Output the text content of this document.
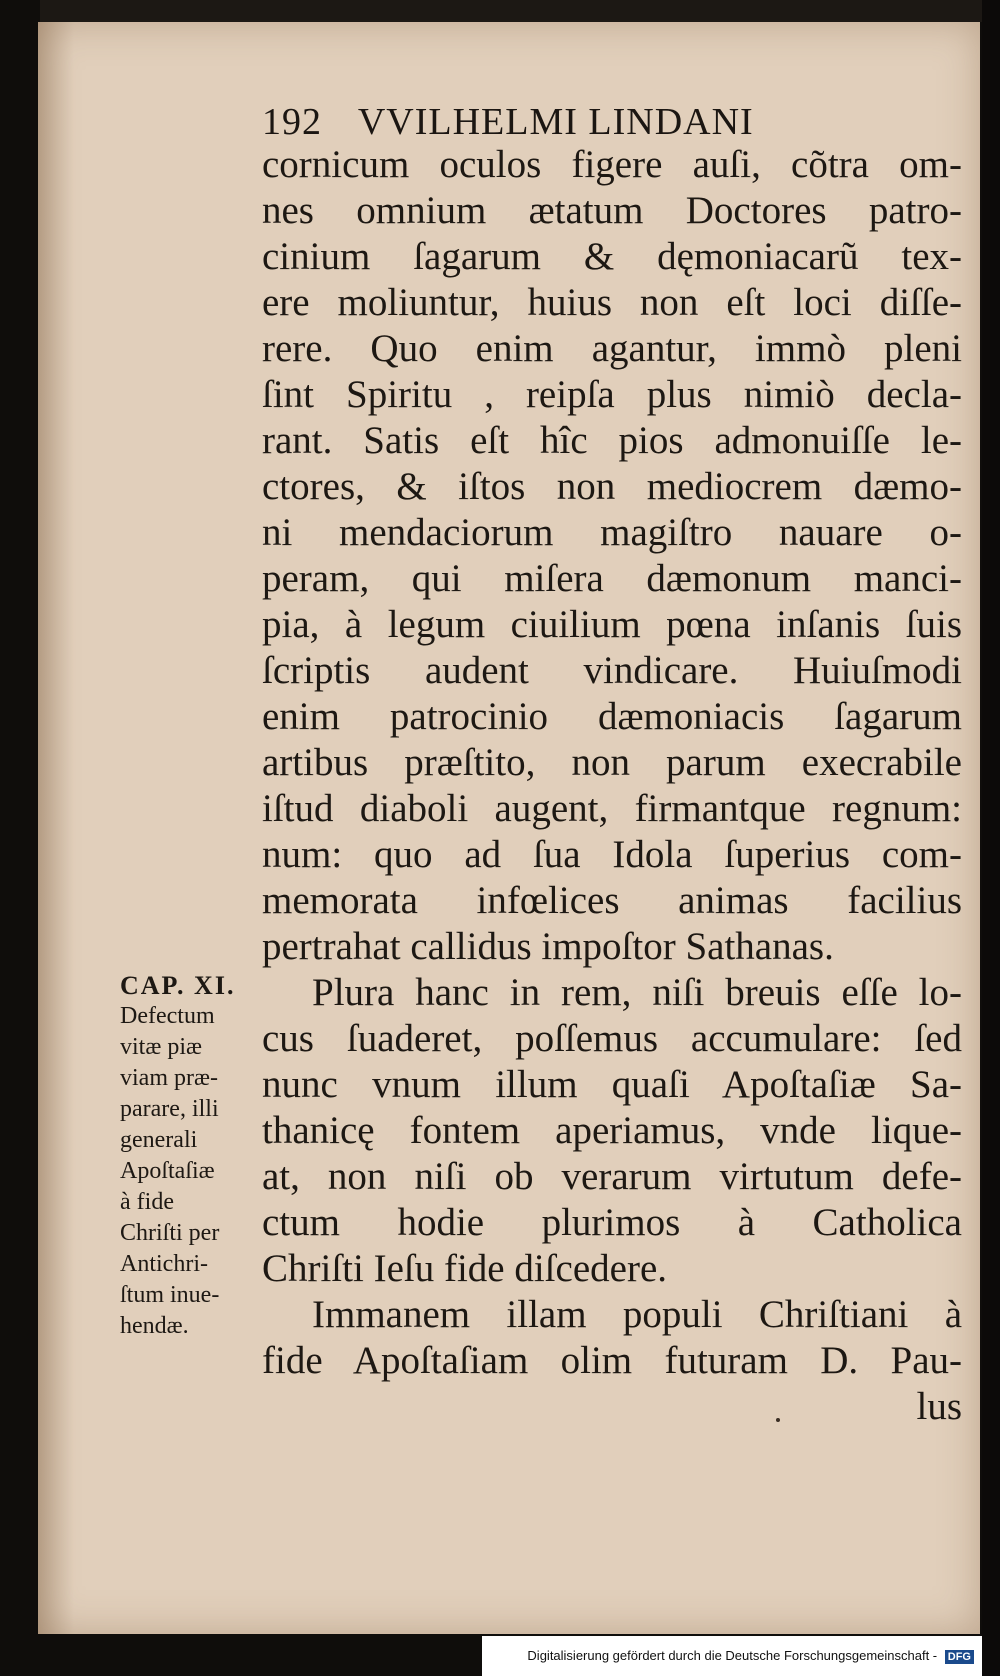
192 VVILHELMI LINDANI
cornicum oculos figere auſi, cõtra om-
nes omnium ætatum Doctores patro-
cinium ſagarum & dęmoniacarũ tex-
ere moliuntur, huius non eſt loci diſſe-
rere. Quo enim agantur, immò pleni
ſint Spiritu , reipſa plus nimiò decla-
rant. Satis eſt hîc pios admonuiſſe le-
ctores, & iſtos non mediocrem dæmo-
ni mendaciorum magiſtro nauare o-
peram, qui miſera dæmonum manci-
pia, à legum ciuilium pœna inſanis ſuis
ſcriptis audent vindicare. Huiuſmodi
enim patrocinio dæmoniacis ſagarum
artibus præſtito, non parum execrabile
iſtud diaboli augent, firmantque regnum:
num: quo ad ſua Idola ſuperius com-
memorata infœlices animas facilius
pertrahat callidus impoſtor Sathanas.
Plura hanc in rem, niſi breuis eſſe lo-
cus ſuaderet, poſſemus accumulare: ſed
nunc vnum illum quaſi Apoſtaſiæ Sa-
thanicę fontem aperiamus, vnde lique-
at, non niſi ob verarum virtutum defe-
ctum hodie plurimos à Catholica
Chriſti Ieſu fide diſcedere.
Immanem illam populi Chriſtiani à
fide Apoſtaſiam olim futuram D. Pau-
lus
CAP. XI.
Defectum
vitæ piæ
viam præ-
parare, illi
generali
Apoſtaſiæ
à fide
Chriſti per
Antichri-
ſtum inue-
hendæ.
Digitalisierung gefördert durch die Deutsche Forschungsgemeinschaft - DFG
